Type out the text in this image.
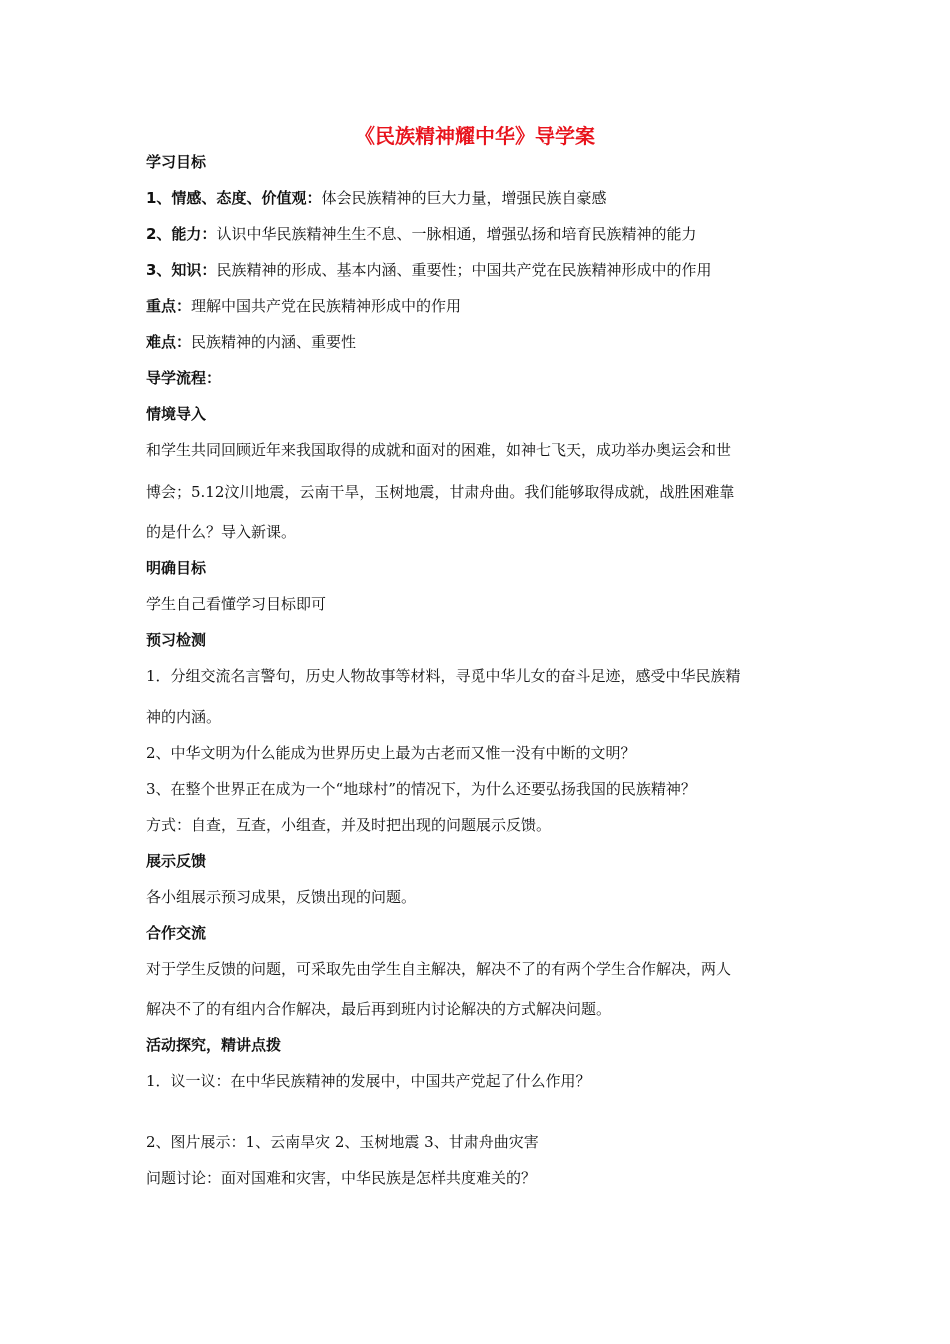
《民族精神耀中华》导学案
学习目标
1、情感、态度、价值观：体会民族精神的巨大力量，增强民族自豪感
2、能力：认识中华民族精神生生不息、一脉相通，增强弘扬和培育民族精神的能力
3、知识：民族精神的形成、基本内涵、重要性；中国共产党在民族精神形成中的作用
重点：理解中国共产党在民族精神形成中的作用
难点：民族精神的内涵、重要性
导学流程：
情境导入
和学生共同回顾近年来我国取得的成就和面对的困难，如神七飞天，成功举办奥运会和世
博会；5.12汶川地震，云南干旱，玉树地震，甘肃舟曲。我们能够取得成就，战胜困难靠
的是什么？导入新课。
明确目标
学生自己看懂学习目标即可
预习检测
1．分组交流名言警句，历史人物故事等材料，寻觅中华儿女的奋斗足迹，感受中华民族精
神的内涵。
2、中华文明为什么能成为世界历史上最为古老而又惟一没有中断的文明？
3、在整个世界正在成为一个“地球村”的情况下，为什么还要弘扬我国的民族精神？
方式：自查，互查，小组查，并及时把出现的问题展示反馈。
展示反馈
各小组展示预习成果，反馈出现的问题。
合作交流
对于学生反馈的问题，可采取先由学生自主解决，解决不了的有两个学生合作解决，两人
解决不了的有组内合作解决，最后再到班内讨论解决的方式解决问题。
活动探究，精讲点拨
1．议一议：在中华民族精神的发展中，中国共产党起了什么作用？
2、图片展示：1、云南旱灾 2、玉树地震 3、甘肃舟曲灾害
问题讨论：面对国难和灾害，中华民族是怎样共度难关的？
